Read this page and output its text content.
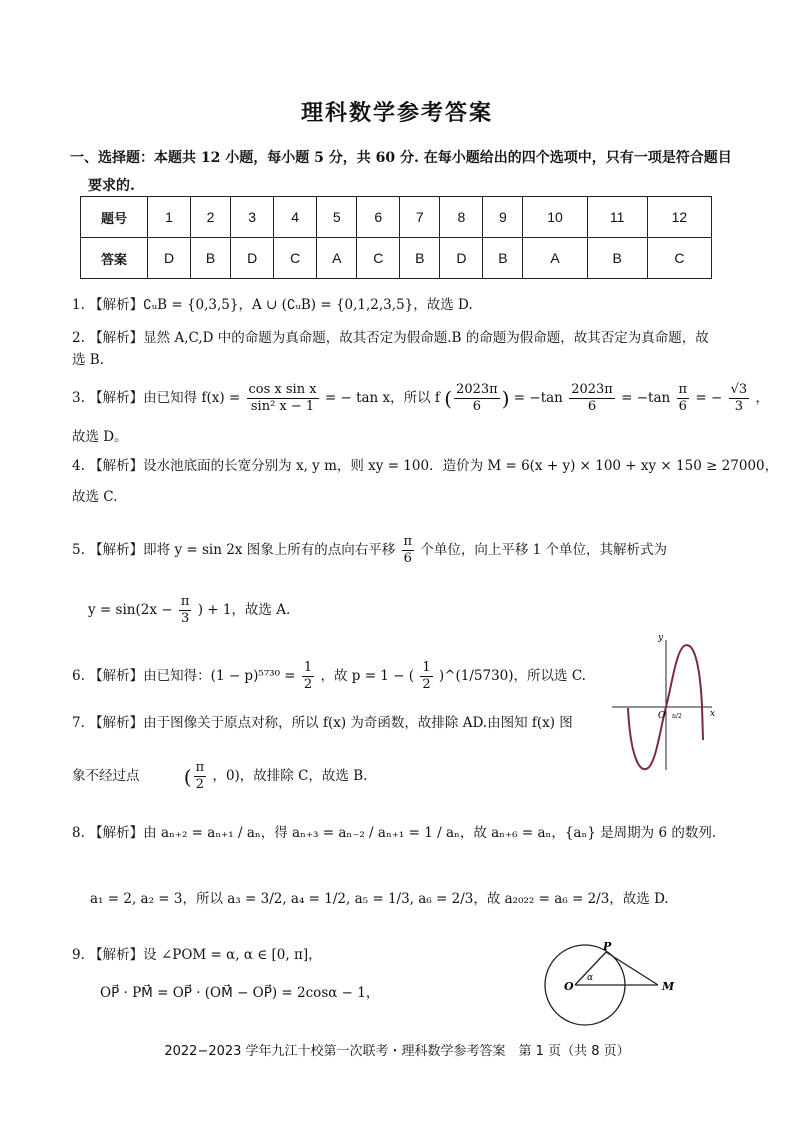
理科数学参考答案
一、选择题：本题共 12 小题，每小题 5 分，共 60 分. 在每小题给出的四个选项中，只有一项是符合题目
要求的.
题号	1	2	3	4	5	6	7	8	9	10	11	12
答案	D	B	D	C	A	C	B	D	B	A	B	C
1. 【解析】∁ᵤB = {0,3,5}，A ∪ (∁ᵤB) = {0,1,2,3,5}，故选 D.
2. 【解析】显然 A,C,D 中的命题为真命题，故其否定为假命题.B 的命题为假命题，故其否定为真命题，故
选 B.
3. 【解析】由已知得 $f(x) = \frac{\text{cos x sin x}}{\text{sin² x − 1}}$ = − tan x，所以 f ( $\frac{2023\pi}{6}$ ) = $-\tan \frac{2023\pi}{6} = -\tan \frac{\pi}{6}$ = − $\frac{√3}{3}$ ，
故选 D。
4. 【解析】设水池底面的长宽分别为 x, y m，则 xy = 100．造价为 M = 6(x + y) × 100 + xy × 150 ≥ 27000，
故选 C.
5. 【解析】即将 y = sin 2x 图象上所有的点向右平移 $\frac{\pi}{6}$ 个单位，向上平移 1 个单位，其解析式为
$y = \sin(2x - \frac{\pi}{3}$ ) + 1，故选 A.
6. 【解析】由已知得：$(1 - p)^{5730} = \frac{1}{2}$ ，故 p = 1 − ( $\frac{1}{2}$ )^(1/5730)，所以选 C.
7. 【解析】由于图像关于原点对称，所以 f(x) 为奇函数，故排除 AD.由图知 f(x) 图
象不经过点 ( $\frac{\pi}{2}$ ，0)，故排除 C，故选 B.
y
x
O π/2
8. 【解析】由 aₙ₊₂ = aₙ₊₁ / aₙ，得 aₙ₊₃ = aₙ₋₂ / aₙ₊₁ = 1 / aₙ，故 aₙ₊₆ = aₙ，{aₙ} 是周期为 6 的数列.
a₁ = 2, a₂ = 3，所以 a₃ = 3/2, a₄ = 1/2, a₅ = 1/3, a₆ = 2/3，故 a₂₀₂₂ = a₆ = 2/3，故选 D.
9. 【解析】设 ∠POM = α, α ∈ [0, π]，
OP⃗ · PM⃗ = OP⃗ · (OM⃗ − OP⃗) = 2cosα − 1，	O
P
M
α
2022−2023 学年九江十校第一次联考・理科数学参考答案　第 1 页（共 8 页）
